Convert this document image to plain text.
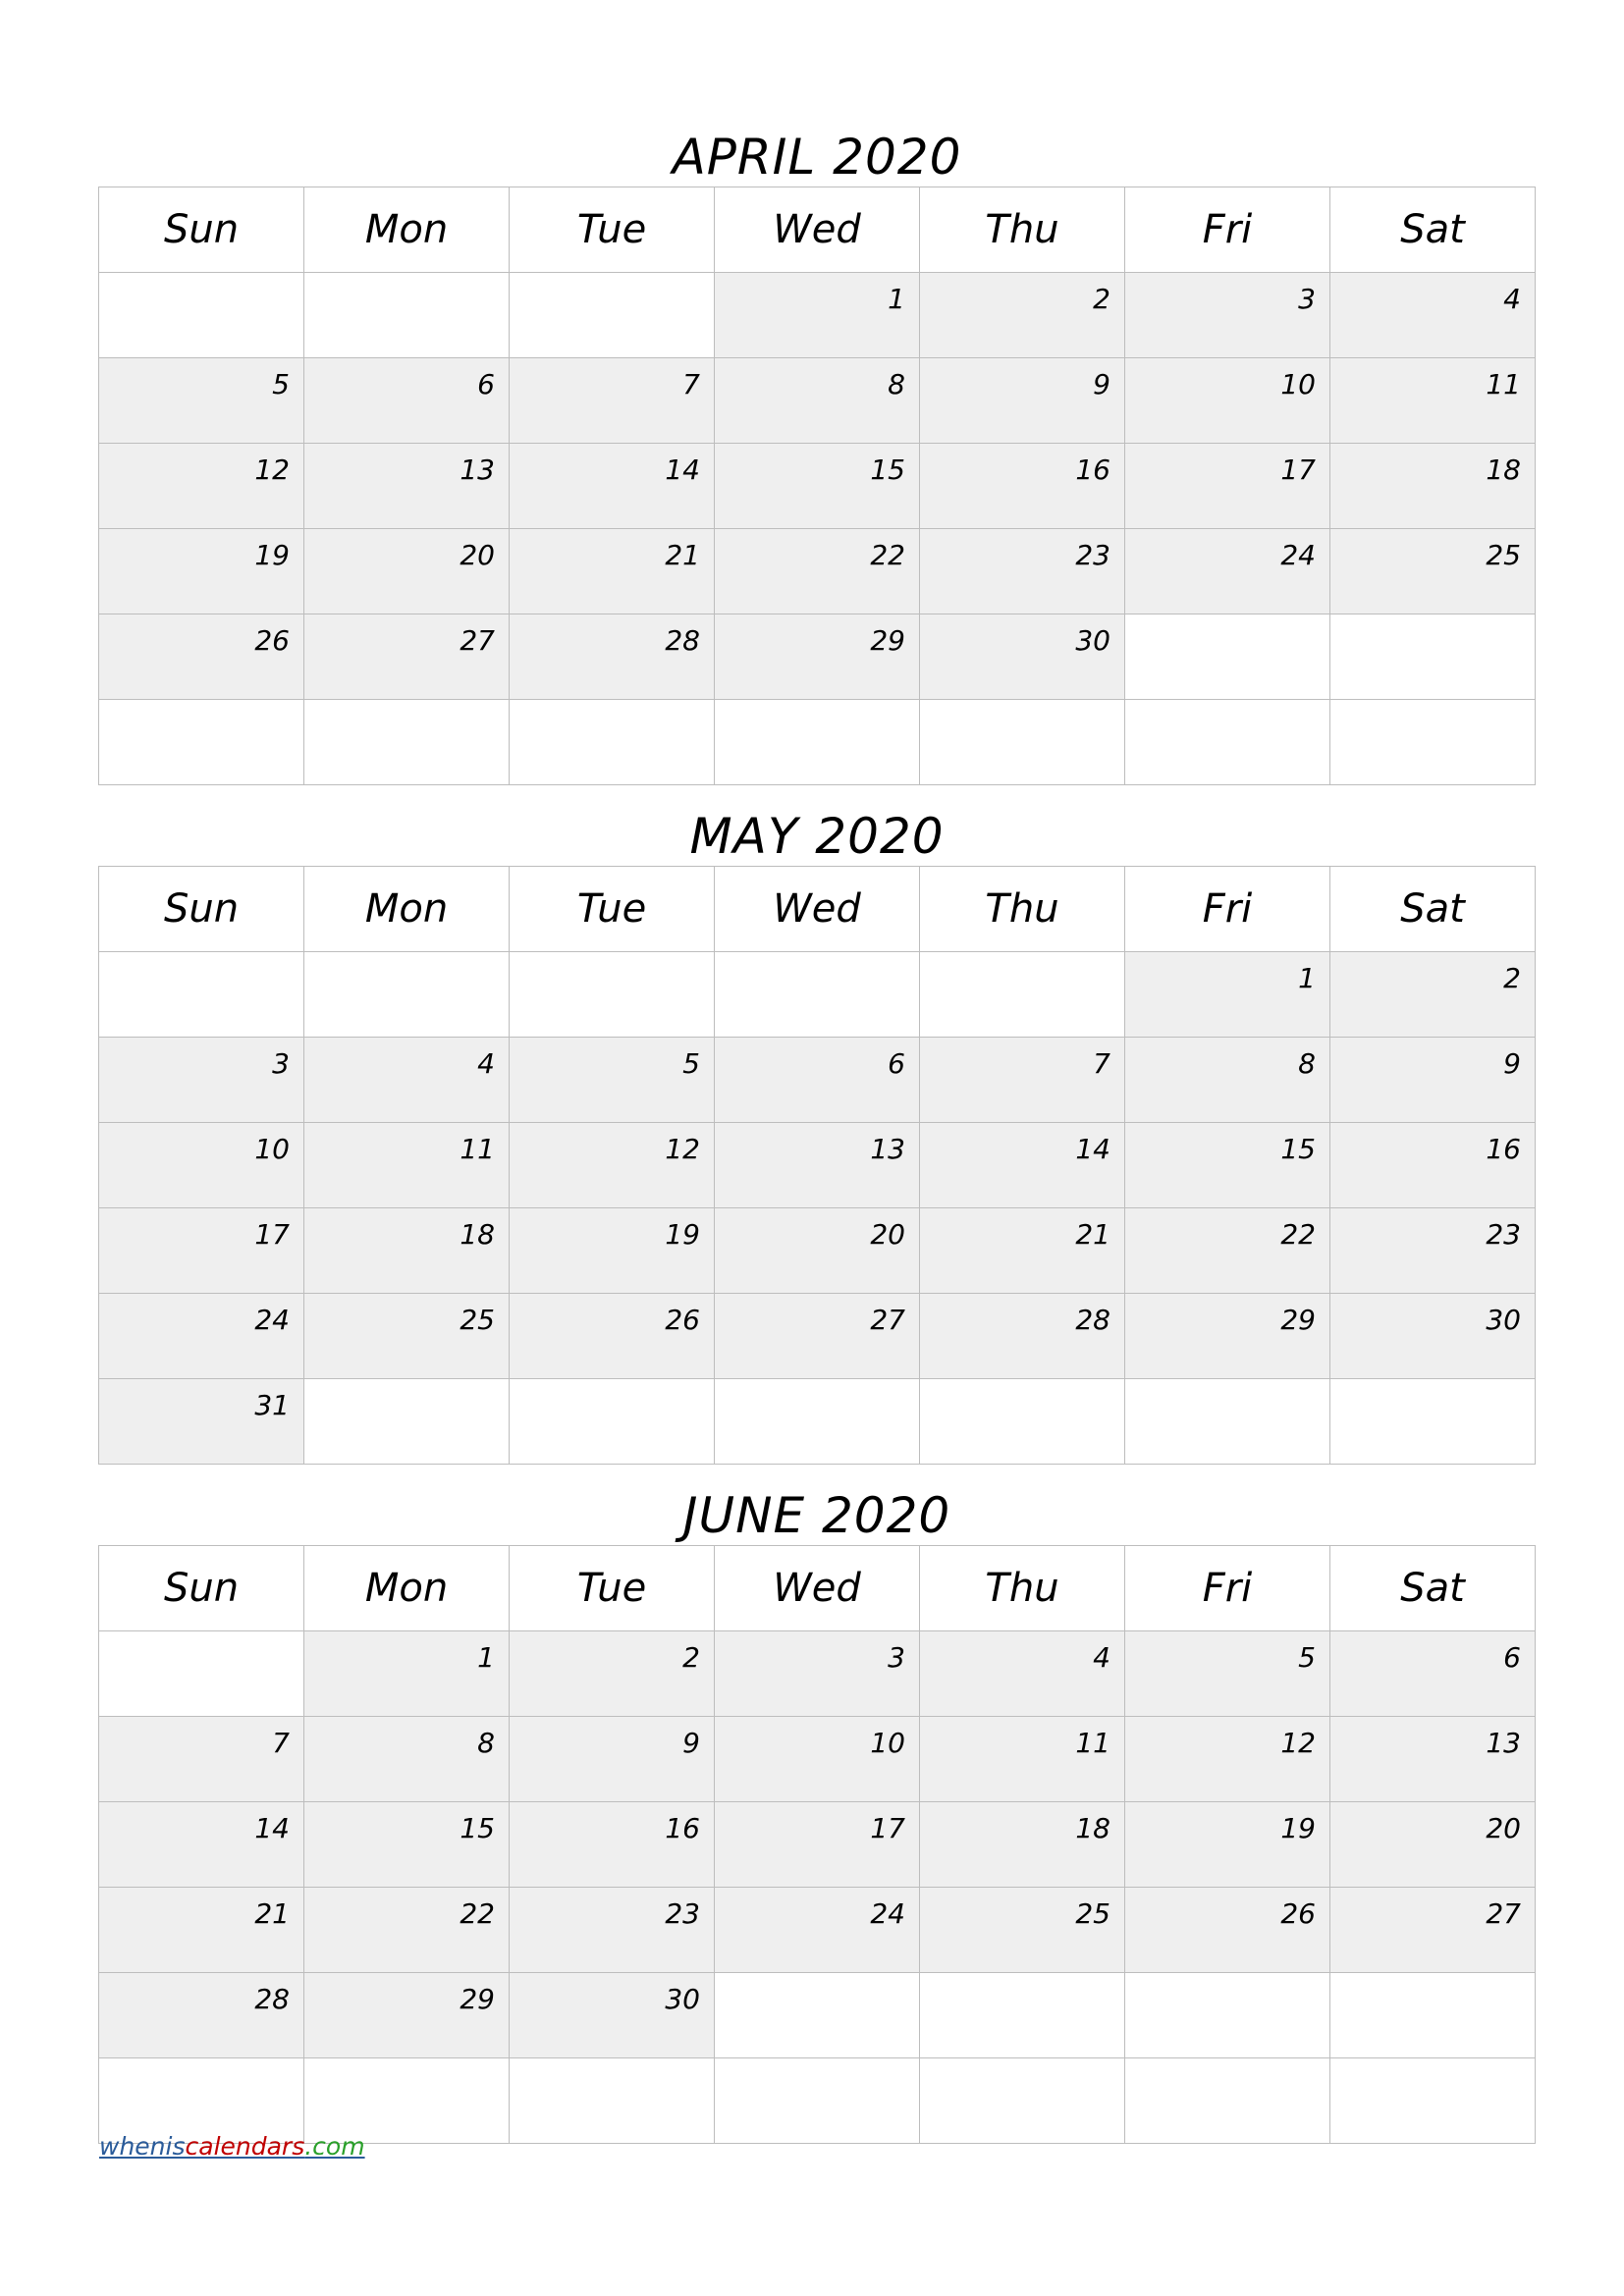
APRIL 2020
Sun	Mon	Tue	Wed	Thu	Fri	Sat
			1	2	3	4
5	6	7	8	9	10	11
12	13	14	15	16	17	18
19	20	21	22	23	24	25
26	27	28	29	30		

MAY 2020
Sun	Mon	Tue	Wed	Thu	Fri	Sat
					1	2
3	4	5	6	7	8	9
10	11	12	13	14	15	16
17	18	19	20	21	22	23
24	25	26	27	28	29	30
31						
JUNE 2020
Sun	Mon	Tue	Wed	Thu	Fri	Sat
	1	2	3	4	5	6
7	8	9	10	11	12	13
14	15	16	17	18	19	20
21	22	23	24	25	26	27
28	29	30				

wheniscalendars.com
